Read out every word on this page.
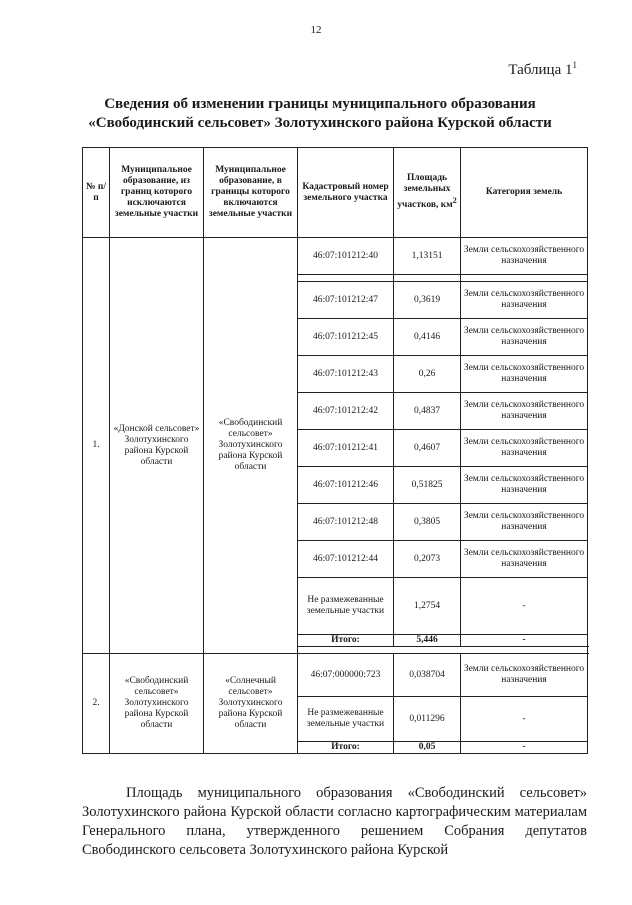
12
Таблица $1^1$
Сведения об изменении границы муниципального образования
«Свободинский сельсовет» Золотухинского района Курской области
№ п/п	Муниципальное образование, из границ которого исключаются земельные участки	Муниципальное образование, в границы которого включаются земельные участки	Кадастровый номер земельного участка	Площадь земельных участков, $км^2$	Категория земель
1.	«Донской сельсовет» Золотухинского района Курской области	«Свободинский сельсовет» Золотухинского района Курской области	46:07:101212:40	1,13151	Земли сельскохозяйственного назначения

			46:07:101212:47	0,3619	Земли сельскохозяйственного назначения
			46:07:101212:45	0,4146	Земли сельскохозяйственного назначения
			46:07:101212:43	0,26	Земли сельскохозяйственного назначения
			46:07:101212:42	0,4837	Земли сельскохозяйственного назначения
			46:07:101212:41	0,4607	Земли сельскохозяйственного назначения
			46:07:101212:46	0,51825	Земли сельскохозяйственного назначения
			46:07:101212:48	0,3805	Земли сельскохозяйственного назначения
			46:07:101212:44	0,2073	Земли сельскохозяйственного назначения
			Не размежеванные земельные участки	1,2754	-
			Итого:	5,446	-

2.	«Свободинский сельсовет» Золотухинского района Курской области	«Солнечный сельсовет» Золотухинского района Курской области	46:07:000000:723	0,038704	Земли сельскохозяйственного назначения
			Не размежеванные земельные участки	0,011296	-
			Итого:	0,05	-
Площадь муниципального образования «Свободинский сельсовет» Золотухинского района Курской области согласно картографическим материалам Генерального плана, утвержденного решением Собрания депутатов Свободинского сельсовета Золотухинского района Курской
